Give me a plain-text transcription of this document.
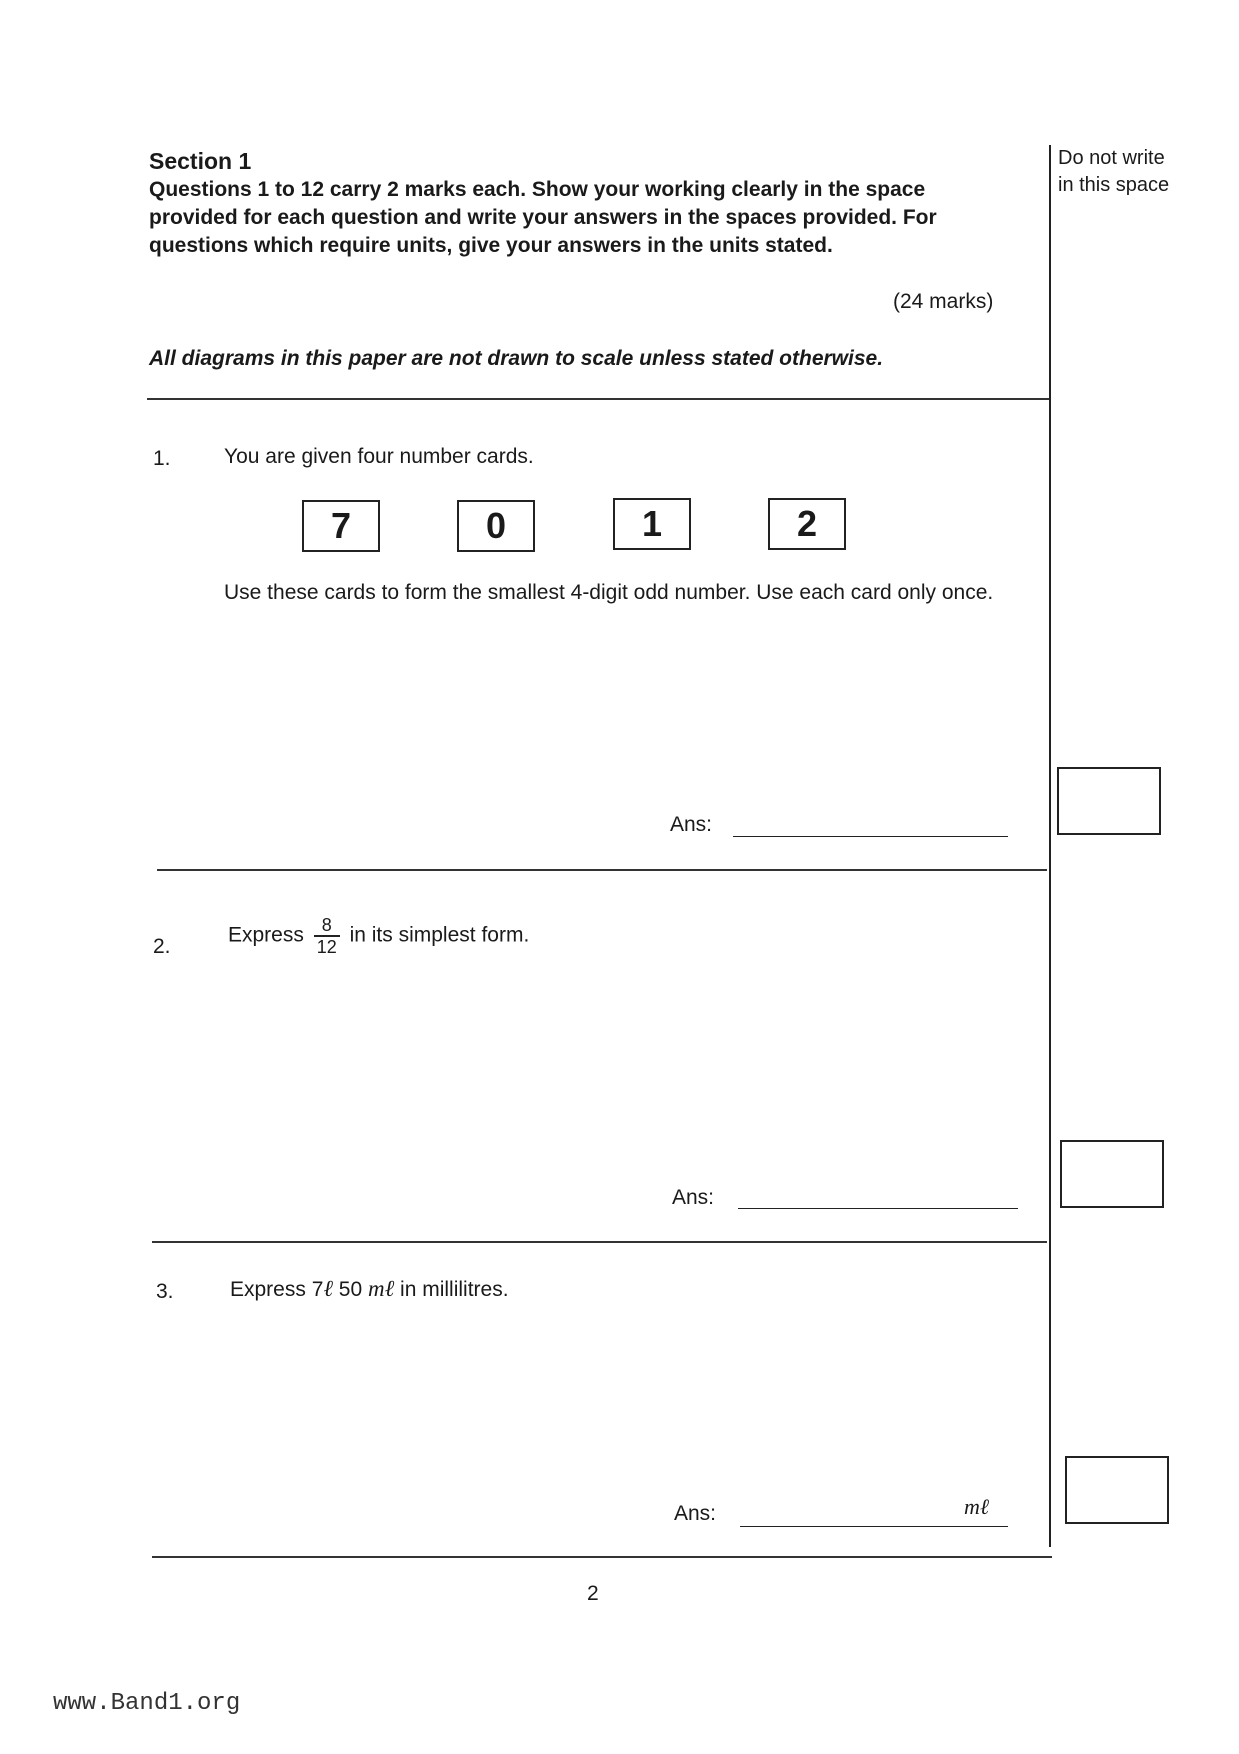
Section 1
Questions 1 to 12 carry 2 marks each. Show your working clearly in the space provided for each question and write your answers in the spaces provided. For questions which require units, give your answers in the units stated.
(24 marks)
All diagrams in this paper are not drawn to scale unless stated otherwise.
Do not write
in this space
1.	You are given four number cards.
7	0	1	2
Use these cards to form the smallest 4-digit odd number. Use each card only once.
Ans:
2.	Express $\frac{8}{12}$ in its simplest form.
Ans:
3.	Express 7ℓ 50 mℓ in millilitres.
Ans:	mℓ
2
www.Band1.org
